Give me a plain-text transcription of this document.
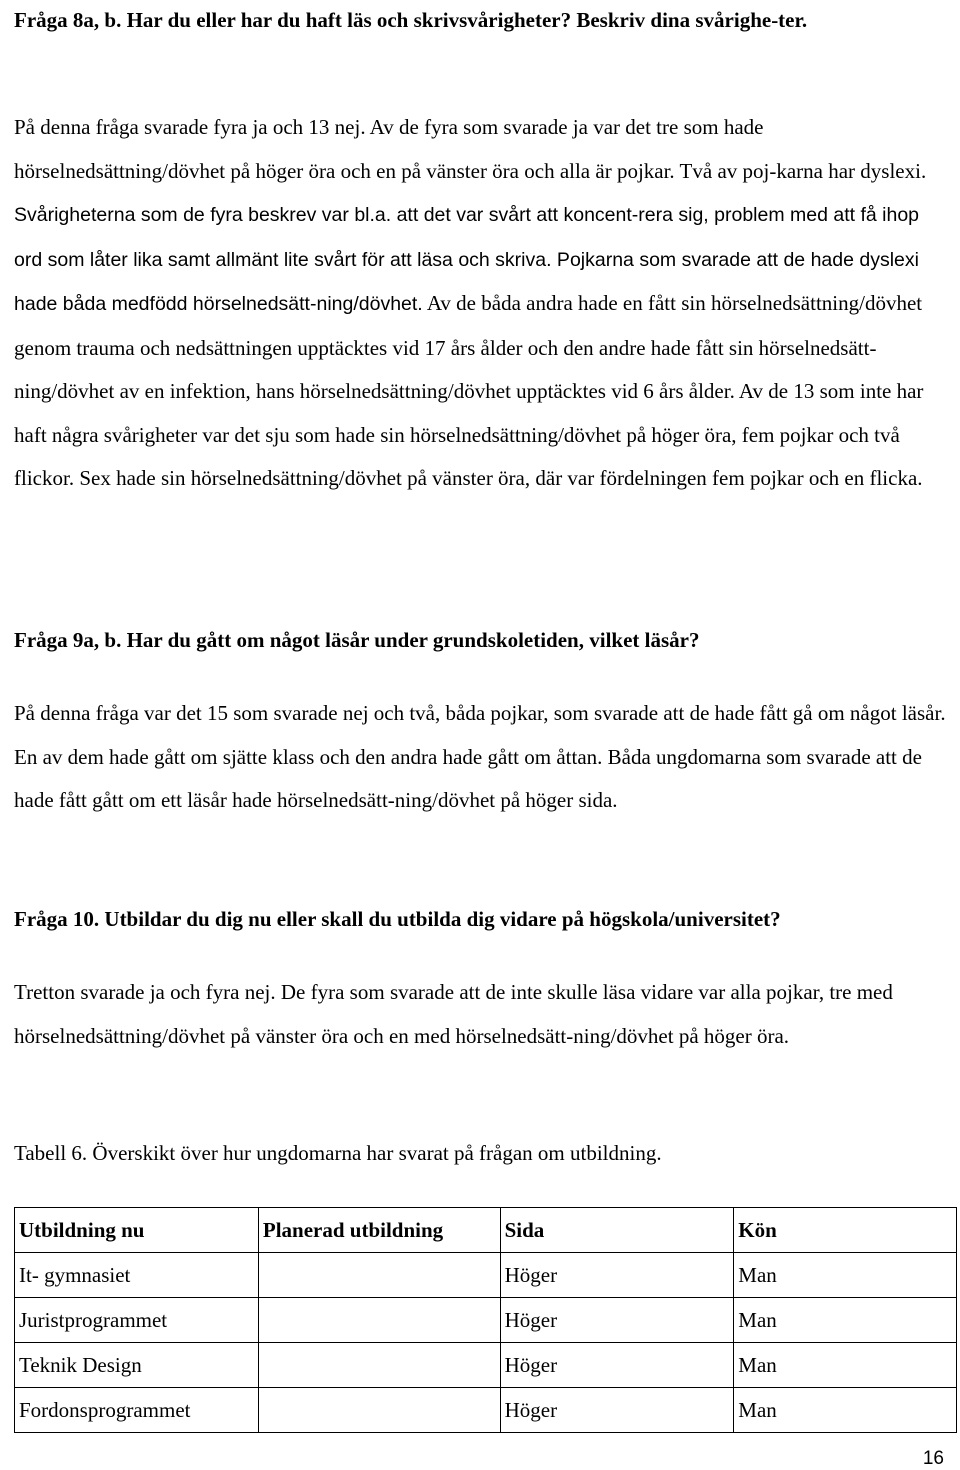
Fråga 8a, b. Har du eller har du haft läs och skrivsvårigheter? Beskriv dina svårighe-ter.

På denna fråga svarade fyra ja och 13 nej. Av de fyra som svarade ja var det tre som hade hörselnedsättning/dövhet på höger öra och en på vänster öra och alla är pojkar. Två av poj-karna har dyslexi. Svårigheterna som de fyra beskrev var bl.a. att det var svårt att koncent-rera sig, problem med att få ihop ord som låter lika samt allmänt lite svårt för att läsa och skriva. Pojkarna som svarade att de hade dyslexi hade båda medfödd hörselnedsätt-ning/dövhet. Av de båda andra hade en fått sin hörselnedsättning/dövhet genom trauma och nedsättningen upptäcktes vid 17 års ålder och den andre hade fått sin hörselnedsätt-ning/dövhet av en infektion, hans hörselnedsättning/dövhet upptäcktes vid 6 års ålder. Av de 13 som inte har haft några svårigheter var det sju som hade sin hörselnedsättning/dövhet på höger öra, fem pojkar och två flickor. Sex hade sin hörselnedsättning/dövhet på vänster öra, där var fördelningen fem pojkar och en flicka.

Fråga 9a, b. Har du gått om något läsår under grundskoletiden, vilket läsår?

På denna fråga var det 15 som svarade nej och två, båda pojkar, som svarade att de hade fått gå om något läsår. En av dem hade gått om sjätte klass och den andra hade gått om åttan. Båda ungdomarna som svarade att de hade fått gått om ett läsår hade hörselnedsätt-ning/dövhet på höger sida.

Fråga 10. Utbildar du dig nu eller skall du utbilda dig vidare på högskola/universitet?

Tretton svarade ja och fyra nej. De fyra som svarade att de inte skulle läsa vidare var alla pojkar, tre med hörselnedsättning/dövhet på vänster öra och en med hörselnedsätt-ning/dövhet på höger öra.

Tabell 6. Överskikt över hur ungdomarna har svarat på frågan om utbildning.

Utbildning nu	Planerad utbildning	Sida	Kön
It- gymnasiet		Höger	Man
Juristprogrammet		Höger	Man
Teknik Design		Höger	Man
Fordonsprogrammet		Höger	Man
16
